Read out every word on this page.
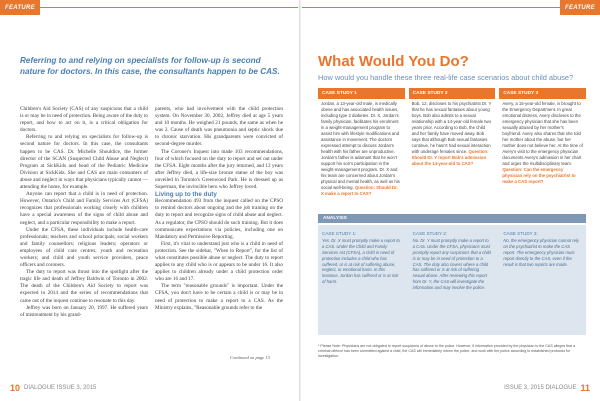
FEATURE
Referring to and relying on specialists for follow-up is second nature for doctors. In this case, the consultants happen to be CAS.

Children's Aid Society (CAS) of any suspicions that a child is or may be in need of protection. Being aware of the duty to report, and how to act on it, is a critical obligation for doctors.

Referring to and relying on specialists for follow-up is second nature for doctors. In this case, the consultants happen to be CAS. Dr. Michelle Shouldice, the former director of the SCAN (Suspected Child Abuse and Neglect) Program at SickKids and head of the Pediatric Medicine Division at SickKids. She and CAS are main consumers of abuse and neglect in ways that physicians typically cannot — attending the home, for example.

Anyone can report that a child is in need of protection. However, Ontario's Child and Family Services Act (CFSA) recognizes that professionals working closely with children have a special awareness of the signs of child abuse and neglect, and a particular responsibility to make a report.

Under the CFSA, these individuals include health-care professionals; teachers and school principals; social workers and family counsellors; religious leaders; operators or employees of child care centres; youth and recreation workers; and child and youth service providers, peace officers and coroners.

The duty to report was thrust into the spotlight after the tragic life and death of Jeffrey Baldwin of Toronto in 2002. The death of the Children's Aid Society to report was expected in 2014 and the series of recommendations that came out of the inquest continue to resonate to this day.

Jeffrey was born on January 20, 1997. He suffered years of mistreatment by his grand-

parents, who had involvement with the child protection system. On November 30, 2002, Jeffrey died at age 5 years and 10 months. He weighed 21 pounds, the same as when he was 2. Cause of death was pneumonia and septic shock due to chronic starvation. His grandparents were convicted of second-degree murder.

The Coroner's Inquest into made 103 recommendations, four of which focused on the duty to report and set out under the CFSA. Eight months after the jury returned, and 12 years after Jeffrey died, a life-size bronze statue of the boy was unveiled in Toronto's Greenwood Park. He is dressed up as Superman, the invincible hero who Jeffrey loved.

Living up to the duty

Recommendation 493 from the inquest called on the CPSO to remind doctors about ongoing and the job training on the duty to report and recognize signs of child abuse and neglect. As a regulator, the CPSO should do such training. But it does communicate expectations via policies, including one on Mandatory and Permissive Reporting.

First, it's vital to understand just who is a child in need of protection. See the sidebar, "When to Report", for the list of what constitutes possible abuse or neglect. The duty to report applies to any child who is or appears to be under 16. It also applies to children already under a child protection order who are 16 and 17.

The term "reasonable grounds" is important. Under the CFSA, you don't have to be certain a child is or may be in need of protection to make a report to a CAS. As the Ministry explains, "Reasonable grounds refer to the

Continued on page 13
10 DIALOGUE ISSUE 3, 2015
FEATURE
What Would You Do?
How would you handle these three real-life case scenarios about child abuse?
CASE STUDY 1
Jordan, a 13-year-old male, is medically obese and has associated health issues, including type 2 diabetes. Dr. X, Jordan's family physician, facilitates his enrolment in a weight-management program to assist him with lifestyle modifications and assistance in movement. The doctors expressed attempt to discuss Jordan's health with his father are unproductive. Jordan's father is adamant that he won't support his son's participation in the weight-management program. Dr. X and his team are concerned about Jordan's physical and mental health, as well as his social well-being. Question: Should Dr. X make a report to CAS?
CASE STUDY 2
Bob, 12, discloses to his psychiatrist Dr. Y that he has sexual fantasies about young boys. Bob also admits to a sexual relationship with a 14-year-old female two years prior. According to Bob, the child and her family have moved away. Bob says that although Bob sexual fantasies continue, he hasn't had sexual interaction with underage females since. Question: Should Dr. Y report Bob's admission about the 14-year-old to CAS?
CASE STUDY 3
Avery, a 15-year-old female, is brought to the Emergency Department. In great emotional distress, Avery discloses to the emergency physician that she has been sexually abused by her mother's boyfriend. Avery also shares that she told her mother about the abuse, but her mother does not believe her. At the time of Avery's visit to the emergency physician documents Avery's admission in her chart and urges the multidisciplinary team. Question: Can the emergency physician rely on the psychiatrist to make a CAS report?
ANALYSIS
CASE STUDY 1:
Yes. Dr. X must promptly make a report to a CAS. Under the Child and Family Services Act (CFSA), a child in need of protection includes a child who has suffered, or is at risk of suffering abuse, neglect, or emotional harm. In this instance, Jordan has suffered or is at risk of harm.
CASE STUDY 2:
No. Dr. Y must promptly make a report to a CAS. Under the CFSA, physicians must promptly report any suspicions that a child is or may be in need of protection to a CAS. The duty also covers where a child has suffered or is at risk of suffering sexual abuse. After reviewing this report from Dr. Y, the CAS will investigate the information and may involve the police.
CASE STUDY 3:
No, the emergency physician cannot rely on the psychiatrist to make the CAS report. The emergency physician must report directly to the CAS, even if the result is that two reports are made.
* Please Note: Physicians are not obligated to report suspicions of abuse to the police. However, if information provided by the physician to the CAS alleges that a criminal offence has been committed against a child, the CAS will immediately inform the police, and work with the police according to established protocols for investigation.
ISSUE 3, 2015 DIALOGUE 11
